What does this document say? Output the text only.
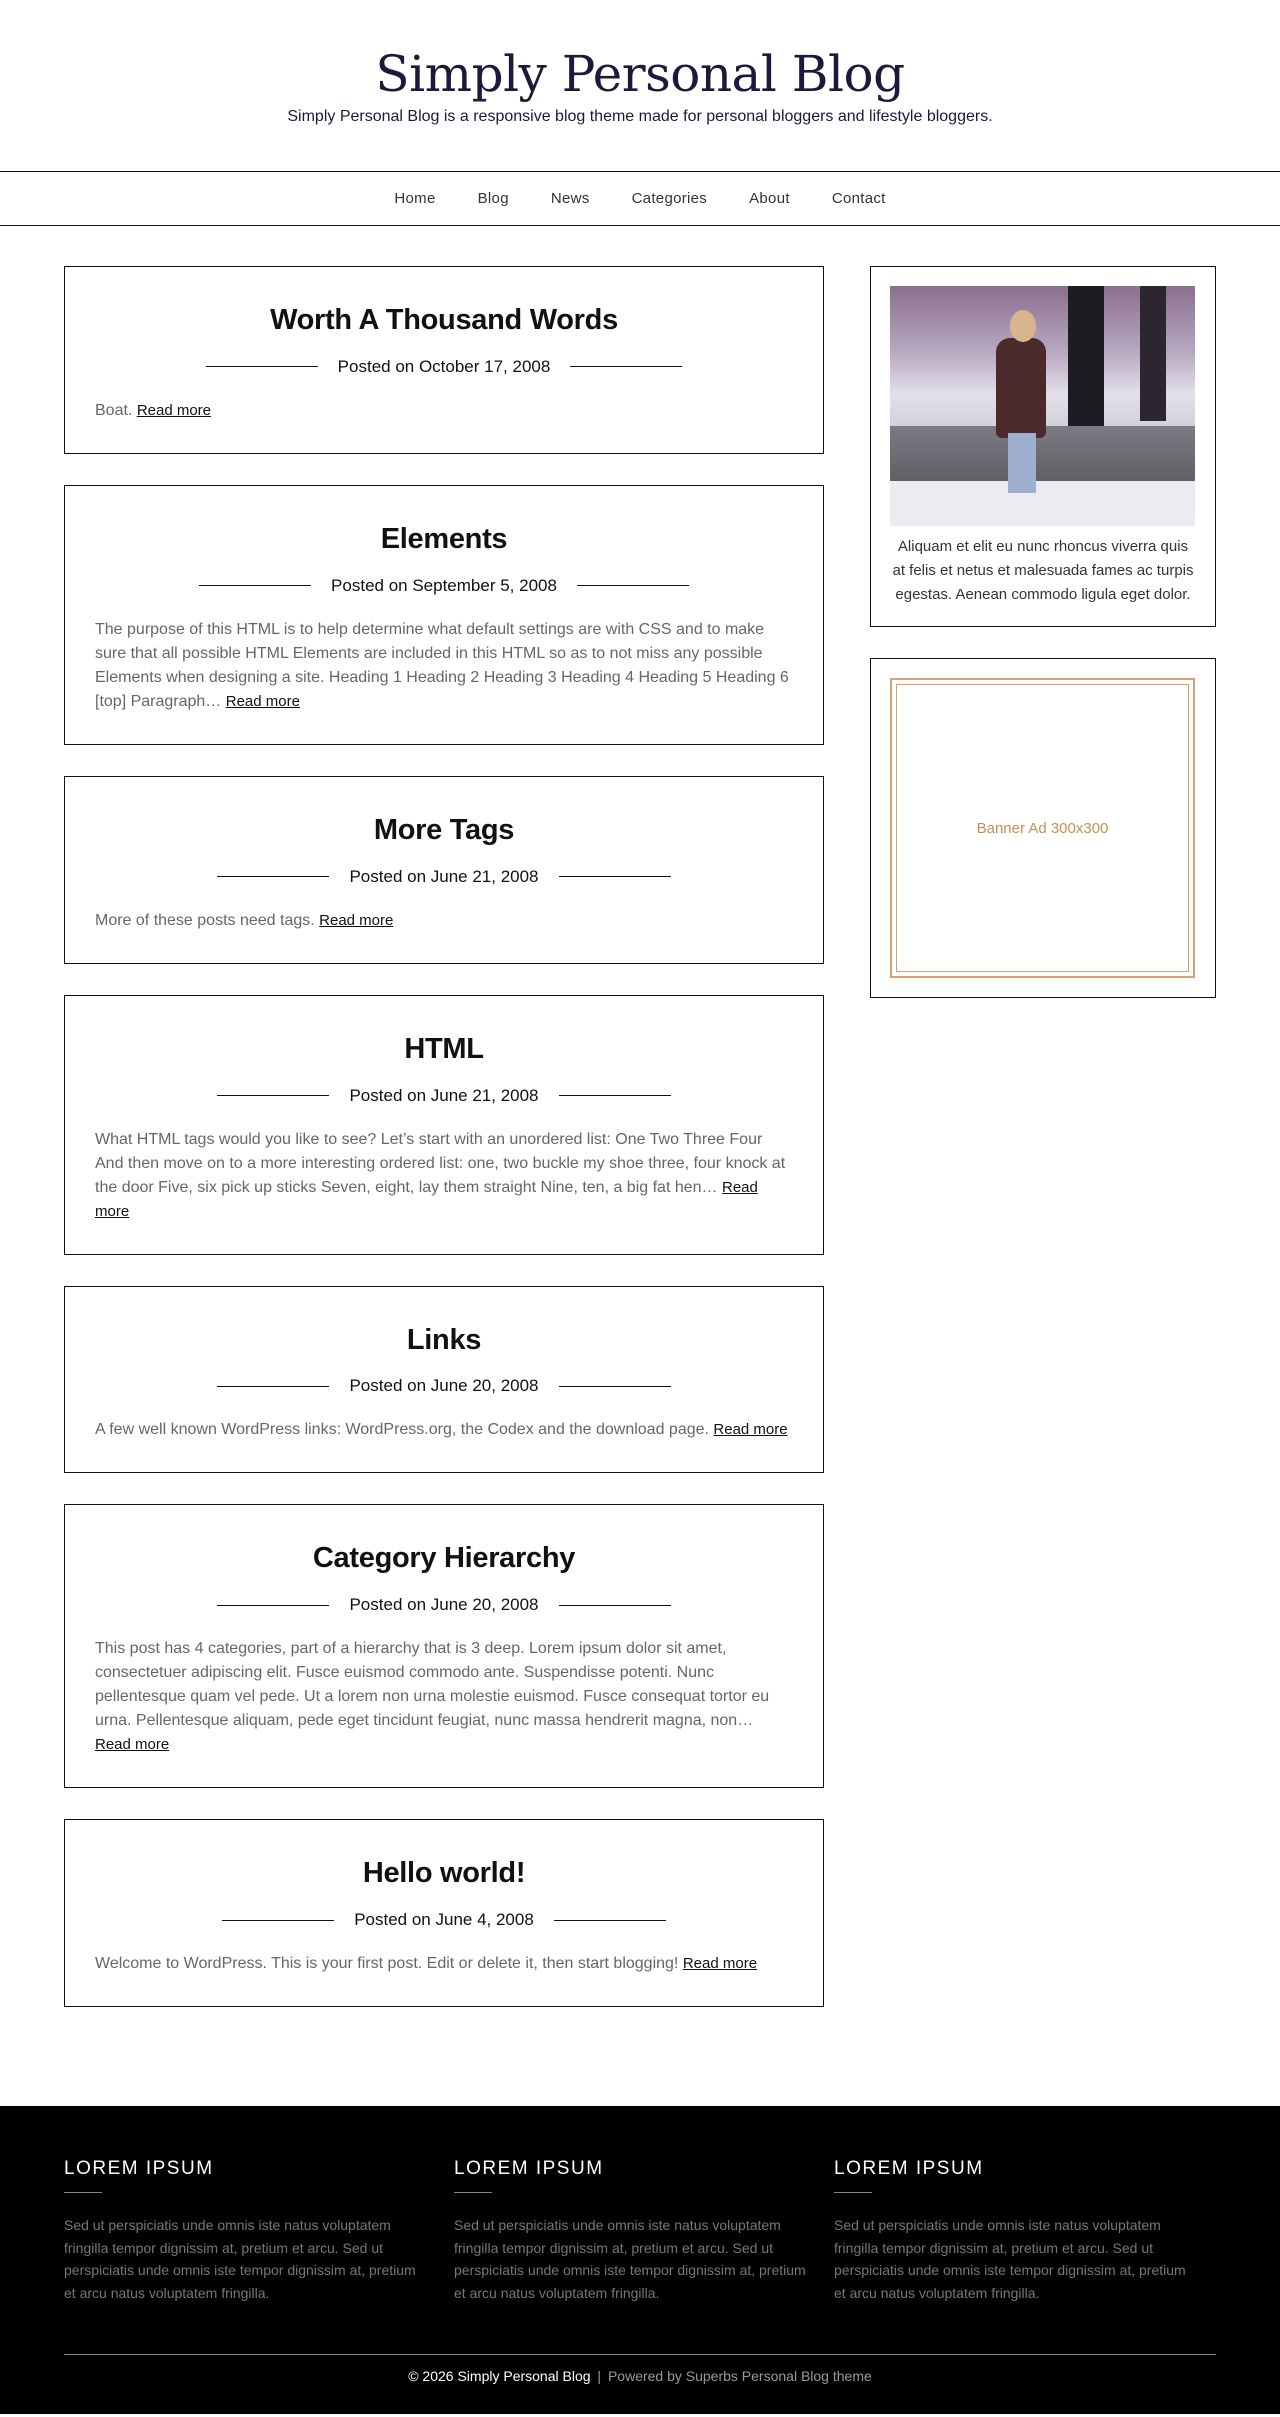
Simply Personal Blog

Simply Personal Blog is a responsive blog theme made for personal bloggers and lifestyle bloggers.

Home	Blog	News	Categories	About	Contact
Worth A Thousand Words
Posted on October 17, 2008

Boat. Read more

Elements
Posted on September 5, 2008

The purpose of this HTML is to help determine what default settings are with CSS and to make sure that all possible HTML Elements are included in this HTML so as to not miss any possible Elements when designing a site. Heading 1 Heading 2 Heading 3 Heading 4 Heading 5 Heading 6 [top] Paragraph… Read more

More Tags
Posted on June 21, 2008

More of these posts need tags. Read more

HTML
Posted on June 21, 2008

What HTML tags would you like to see? Let’s start with an unordered list: One Two Three Four And then move on to a more interesting ordered list: one, two buckle my shoe three, four knock at the door Five, six pick up sticks Seven, eight, lay them straight Nine, ten, a big fat hen… Read more

Links
Posted on June 20, 2008

A few well known WordPress links: WordPress.org, the Codex and the download page. Read more

Category Hierarchy
Posted on June 20, 2008

This post has 4 categories, part of a hierarchy that is 3 deep. Lorem ipsum dolor sit amet, consectetuer adipiscing elit. Fusce euismod commodo ante. Suspendisse potenti. Nunc pellentesque quam vel pede. Ut a lorem non urna molestie euismod. Fusce consequat tortor eu urna. Pellentesque aliquam, pede eget tincidunt feugiat, nunc massa hendrerit magna, non… Read more

Hello world!
Posted on June 4, 2008

Welcome to WordPress. This is your first post. Edit or delete it, then start blogging! Read more

Aliquam et elit eu nunc rhoncus viverra quis at felis et netus et malesuada fames ac turpis egestas. Aenean commodo ligula eget dolor.

Banner Ad 300x300
LOREM IPSUM

Sed ut perspiciatis unde omnis iste natus voluptatem fringilla tempor dignissim at, pretium et arcu. Sed ut perspiciatis unde omnis iste tempor dignissim at, pretium et arcu natus voluptatem fringilla.

LOREM IPSUM

Sed ut perspiciatis unde omnis iste natus voluptatem fringilla tempor dignissim at, pretium et arcu. Sed ut perspiciatis unde omnis iste tempor dignissim at, pretium et arcu natus voluptatem fringilla.

LOREM IPSUM

Sed ut perspiciatis unde omnis iste natus voluptatem fringilla tempor dignissim at, pretium et arcu. Sed ut perspiciatis unde omnis iste tempor dignissim at, pretium et arcu natus voluptatem fringilla.

© 2026 Simply Personal Blog | Powered by Superbs Personal Blog theme
